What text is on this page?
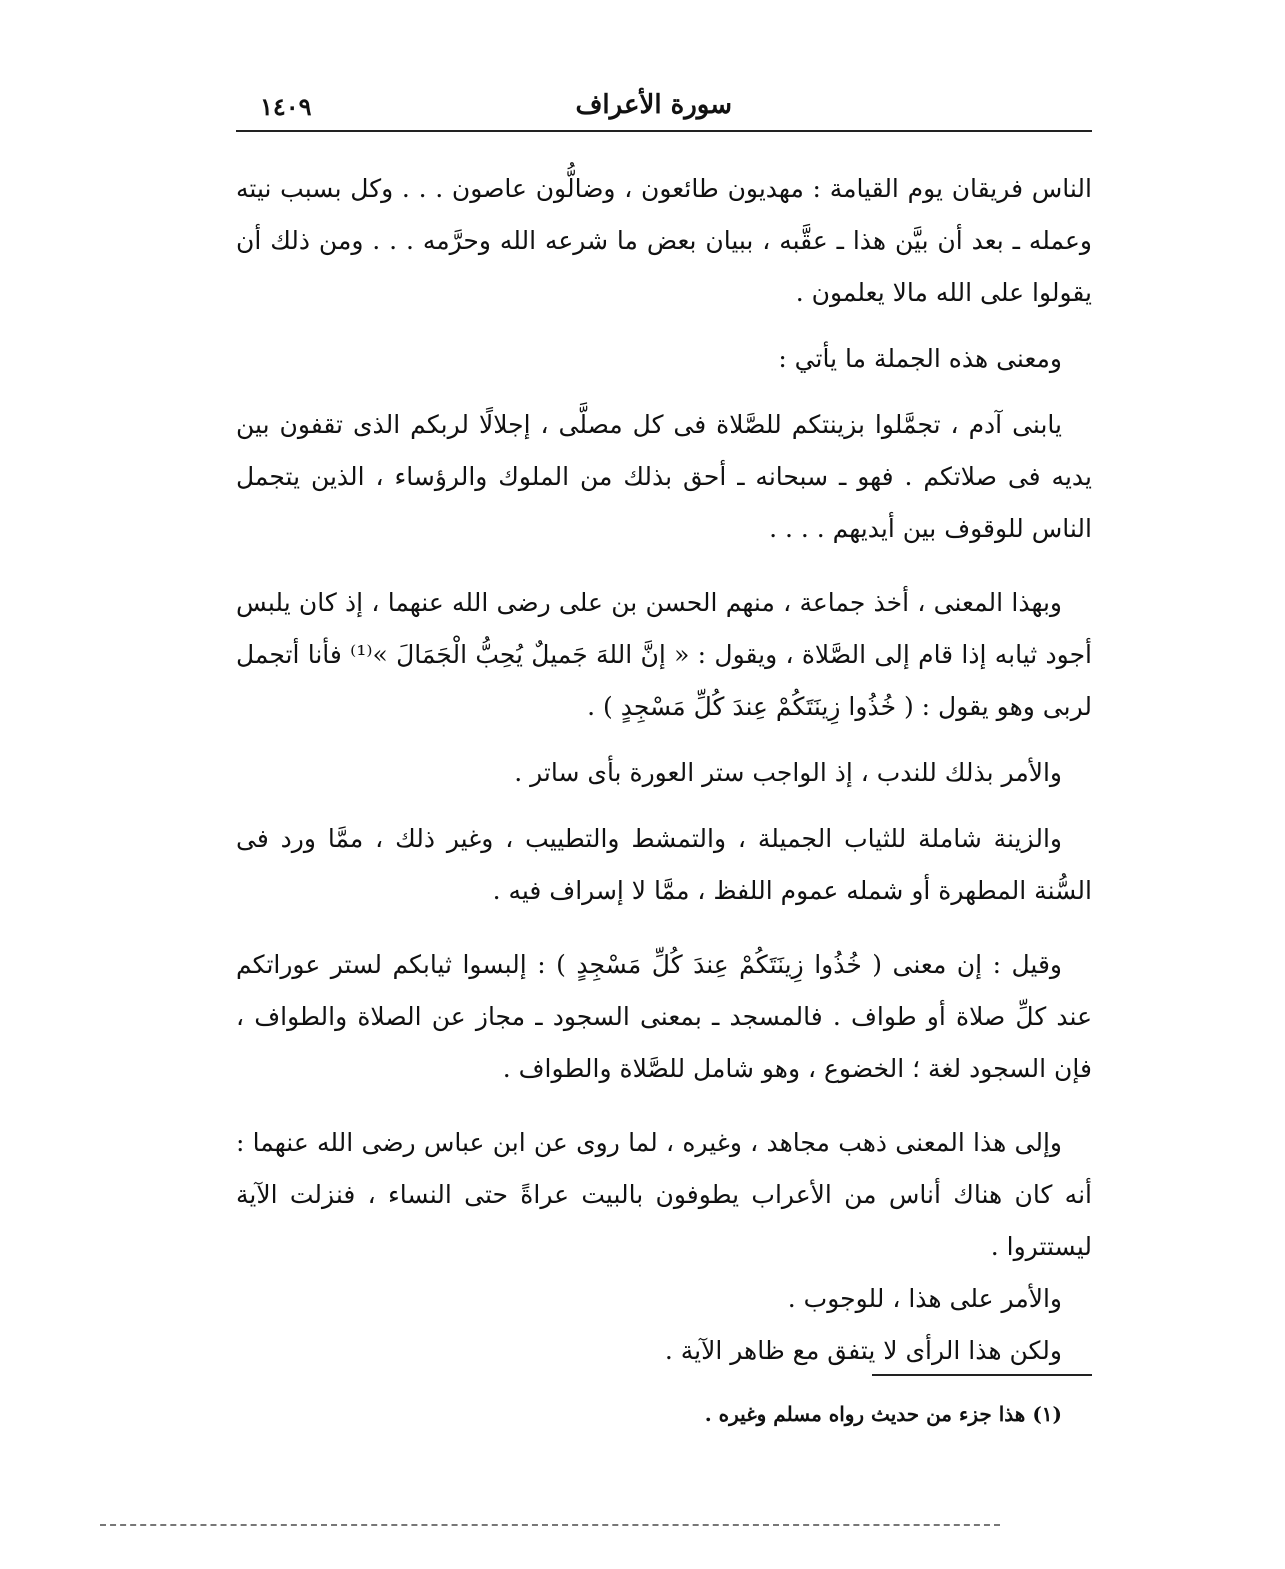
سورة الأعراف
١٤٠٩

الناس فريقان يوم القيامة : مهديون طائعون ، وضالُّون عاصون . . . وكل بسبب نيته وعمله ـ بعد أن بيَّن هذا ـ عقَّبه ، ببيان بعض ما شرعه الله وحرَّمه . . . ومن ذلك أن يقولوا على الله مالا يعلمون .

ومعنى هذه الجملة ما يأتي :

يابنى آدم ، تجمَّلوا بزينتكم للصَّلاة فى كل مصلَّى ، إجلالًا لربكم الذى تقفون بين يديه فى صلاتكم . فهو ـ سبحانه ـ أحق بذلك من الملوك والرؤساء ، الذين يتجمل الناس للوقوف بين أيديهم . . . .

وبهذا المعنى ، أخذ جماعة ، منهم الحسن بن على رضى الله عنهما ، إذ كان يلبس أجود ثيابه إذا قام إلى الصَّلاة ، ويقول : « إنَّ اللهَ جَميلٌ يُحِبُّ الْجَمَالَ »⁽¹⁾ فأنا أتجمل لربى وهو يقول : ( خُذُوا زِينَتَكُمْ عِندَ كُلِّ مَسْجِدٍ ) .

والأمر بذلك للندب ، إذ الواجب ستر العورة بأى ساتر .

والزينة شاملة للثياب الجميلة ، والتمشط والتطييب ، وغير ذلك ، ممَّا ورد فى السُّنة المطهرة أو شمله عموم اللفظ ، ممَّا لا إسراف فيه .

وقيل : إن معنى ( خُذُوا زِينَتَكُمْ عِندَ كُلِّ مَسْجِدٍ ) : إلبسوا ثيابكم لستر عوراتكم عند كلِّ صلاة أو طواف . فالمسجد ـ بمعنى السجود ـ مجاز عن الصلاة والطواف ، فإن السجود لغة ؛ الخضوع ، وهو شامل للصَّلاة والطواف .

وإلى هذا المعنى ذهب مجاهد ، وغيره ، لما روى عن ابن عباس رضى الله عنهما : أنه كان هناك أناس من الأعراب يطوفون بالبيت عراةً حتى النساء ، فنزلت الآية ليستتروا .

والأمر على هذا ، للوجوب .

ولكن هذا الرأى لا يتفق مع ظاهر الآية .

(١) هذا جزء من حديث رواه مسلم وغيره .
